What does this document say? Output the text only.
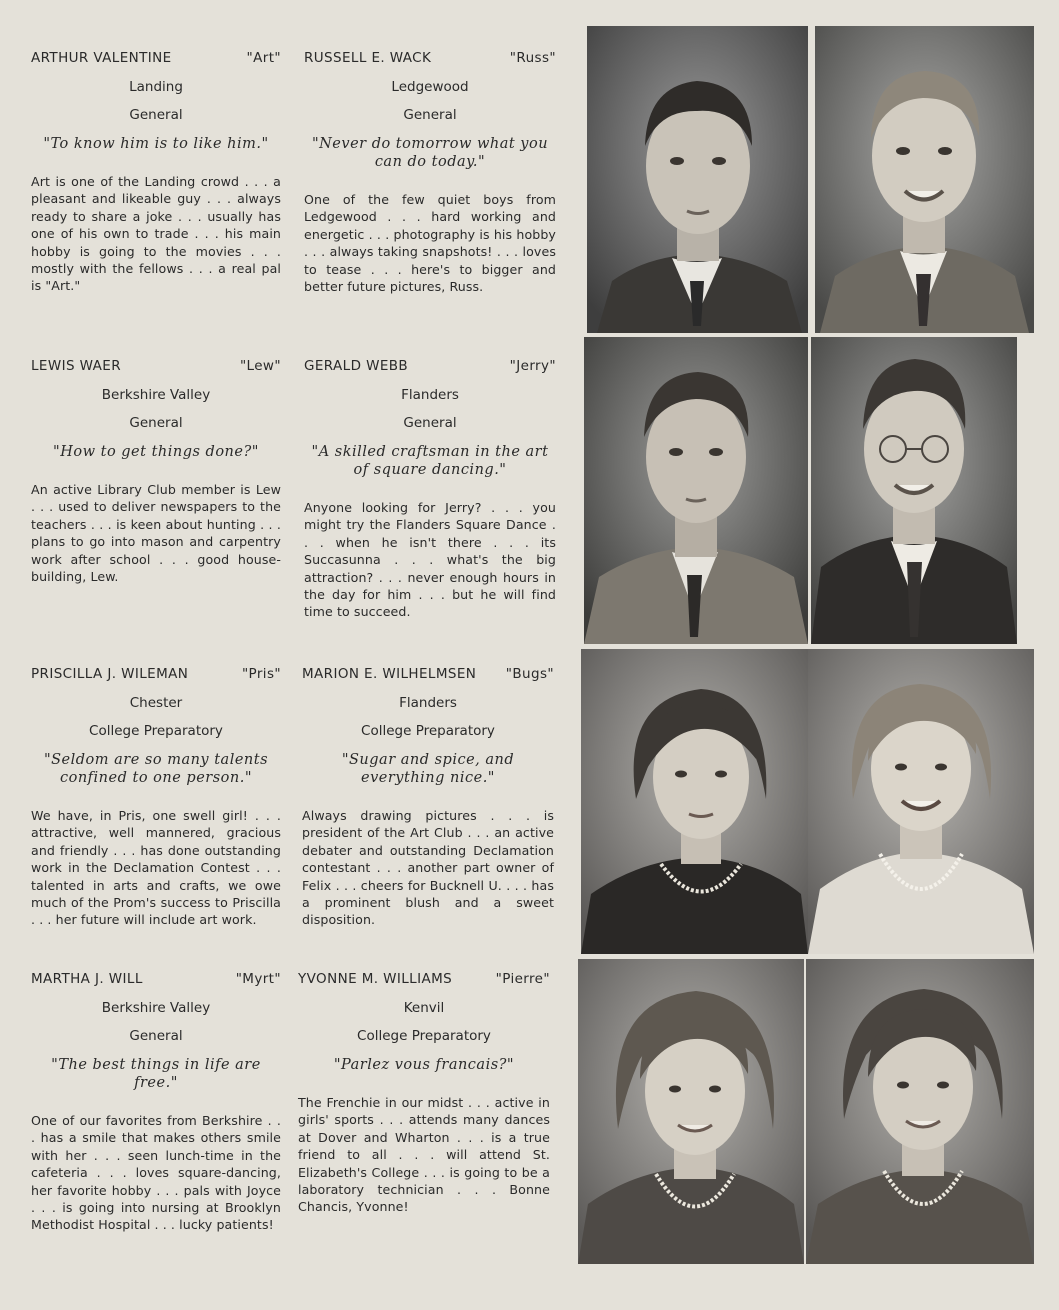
ARTHUR VALENTINE	"Art"
Landing
General
"To know him is to like him."
Art is one of the Landing crowd . . . a pleasant and likeable guy . . . always ready to share a joke . . . usually has one of his own to trade . . . his main hobby is going to the movies . . . mostly with the fellows . . . a real pal is "Art."
RUSSELL E. WACK	"Russ"
Ledgewood
General
"Never do tomorrow what you can do today."
One of the few quiet boys from Ledgewood . . . hard working and energetic . . . photography is his hobby . . . always taking snapshots! . . . loves to tease . . . here's to bigger and better future pictures, Russ.
LEWIS WAER	"Lew"
Berkshire Valley
General
"How to get things done?"
An active Library Club member is Lew . . . used to deliver newspapers to the teachers . . . is keen about hunting . . . plans to go into mason and carpentry work after school . . . good house-building, Lew.
GERALD WEBB	"Jerry"
Flanders
General
"A skilled craftsman in the art of square dancing."
Anyone looking for Jerry? . . . you might try the Flanders Square Dance . . . when he isn't there . . . its Succasunna . . . what's the big attraction? . . . never enough hours in the day for him . . . but he will find time to succeed.
PRISCILLA J. WILEMAN	"Pris"
Chester
College Preparatory
"Seldom are so many talents confined to one person."
We have, in Pris, one swell girl! . . . attractive, well mannered, gracious and friendly . . . has done outstanding work in the Declamation Contest . . . talented in arts and crafts, we owe much of the Prom's success to Priscilla . . . her future will include art work.
MARION E. WILHELMSEN "Bugs"
Flanders
College Preparatory
"Sugar and spice, and everything nice."
Always drawing pictures . . . is president of the Art Club . . . an active debater and outstanding Declamation contestant . . . another part owner of Felix . . . cheers for Bucknell U. . . . has a prominent blush and a sweet disposition.
MARTHA J. WILL	"Myrt"
Berkshire Valley
General
"The best things in life are free."
One of our favorites from Berkshire . . . has a smile that makes others smile with her . . . seen lunch-time in the cafeteria . . . loves square-dancing, her favorite hobby . . . pals with Joyce . . . is going into nursing at Brooklyn Methodist Hospital . . . lucky patients!
YVONNE M. WILLIAMS	"Pierre"
Kenvil
College Preparatory
"Parlez vous francais?"
The Frenchie in our midst . . . active in girls' sports . . . attends many dances at Dover and Wharton . . . is a true friend to all . . . will attend St. Elizabeth's College . . . is going to be a laboratory technician . . . Bonne Chancis, Yvonne!
